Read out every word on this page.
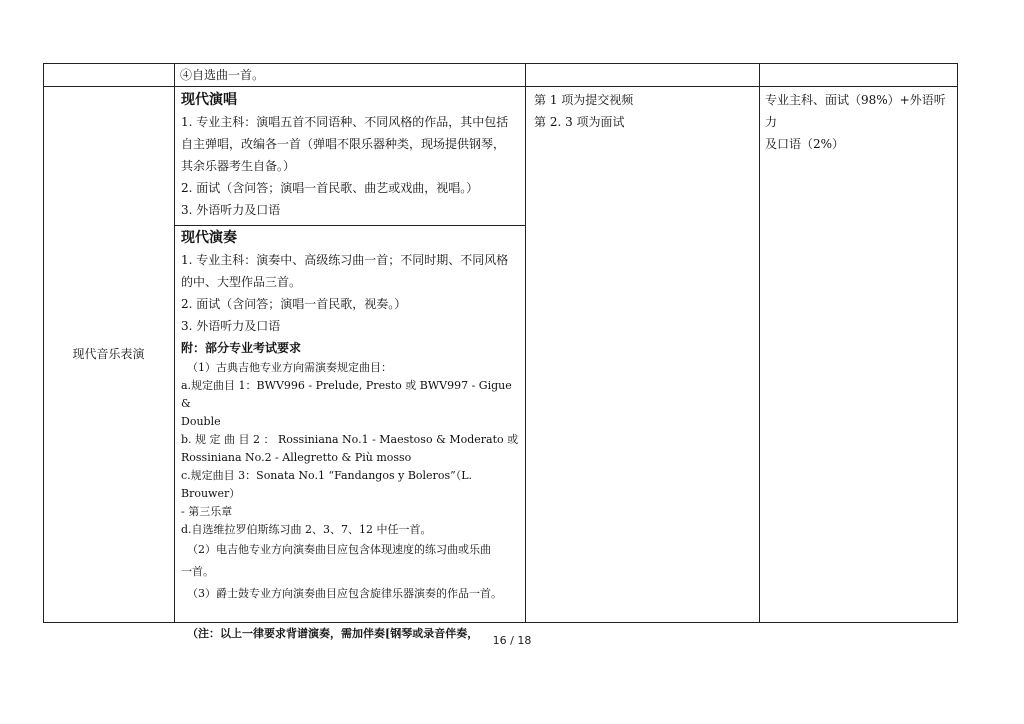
④自选曲一首。
现代音乐表演
现代演唱
1. 专业主科：演唱五首不同语种、不同风格的作品，其中包括
自主弹唱，改编各一首（弹唱不限乐器种类，现场提供钢琴，
其余乐器考生自备。）
2. 面试（含问答；演唱一首民歌、曲艺或戏曲，视唱。）
3. 外语听力及口语
现代演奏
1. 专业主科：演奏中、高级练习曲一首；不同时期、不同风格
的中、大型作品三首。
2. 面试（含问答；演唱一首民歌，视奏。）
3. 外语听力及口语
附：部分专业考试要求
（1）古典吉他专业方向需演奏规定曲目：
a.规定曲目 1：BWV996 - Prelude, Presto 或 BWV997 - Gigue &
Double
b. 规 定 曲 目 2 ： Rossiniana No.1 - Maestoso & Moderato 或
Rossiniana No.2 - Allegretto & Più mosso
c.规定曲目 3：Sonata No.1 “Fandangos y Boleros”（L. Brouwer）
- 第三乐章
d.自选维拉罗伯斯练习曲 2、3、7、12 中任一首。
（2）电吉他专业方向演奏曲目应包含体现速度的练习曲或乐曲
一首。
（3）爵士鼓专业方向演奏曲目应包含旋律乐器演奏的作品一首。
（注：以上一律要求背谱演奏，需加伴奏[钢琴或录音伴奏，
第 1 项为提交视频
第 2. 3 项为面试
专业主科、面试（98%）+外语听力
及口语（2%）
16 / 18
